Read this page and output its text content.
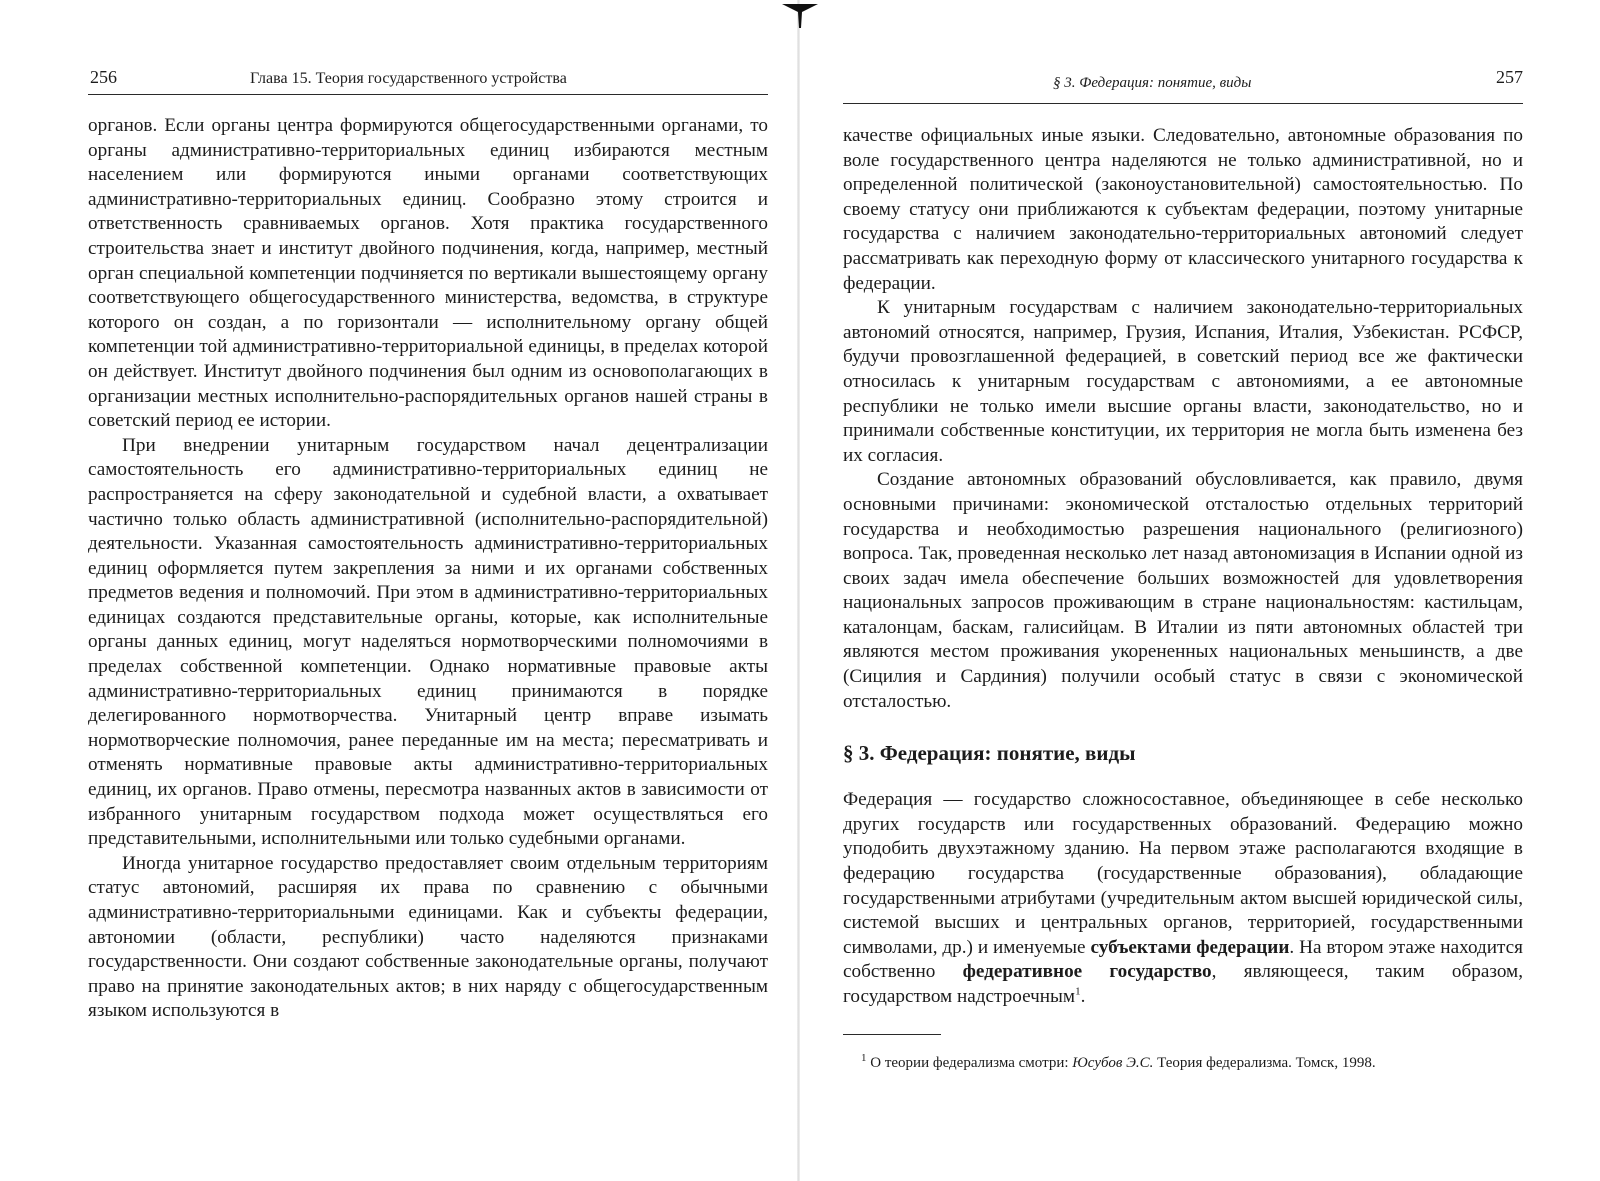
256	Глава 15. Теория государственного устройства

органов. Если органы центра формируются общегосударственными органами, то органы административно-территориальных единиц избираются местным населением или формируются иными органами соответствующих административно-территориальных единиц. Сообразно этому строится и ответственность сравниваемых органов. Хотя практика государственного строительства знает и институт двойного подчинения, когда, например, местный орган специальной компетенции подчиняется по вертикали вышестоящему органу соответствующего общегосударственного министерства, ведомства, в структуре которого он создан, а по горизонтали — исполнительному органу общей компетенции той административно-территориальной единицы, в пределах которой он действует. Институт двойного подчинения был одним из основополагающих в организации местных исполнительно-распорядительных органов нашей страны в советский период ее истории.

При внедрении унитарным государством начал децентрализации самостоятельность его административно-территориальных единиц не распространяется на сферу законодательной и судебной власти, а охватывает частично только область административной (исполнительно-распорядительной) деятельности. Указанная самостоятельность административно-территориальных единиц оформляется путем закрепления за ними и их органами собственных предметов ведения и полномочий. При этом в административно-территориальных единицах создаются представительные органы, которые, как исполнительные органы данных единиц, могут наделяться нормотворческими полномочиями в пределах собственной компетенции. Однако нормативные правовые акты административно-территориальных единиц принимаются в порядке делегированного нормотворчества. Унитарный центр вправе изымать нормотворческие полномочия, ранее переданные им на места; пересматривать и отменять нормативные правовые акты административно-территориальных единиц, их органов. Право отмены, пересмотра названных актов в зависимости от избранного унитарным государством подхода может осуществляться его представительными, исполнительными или только судебными органами.

Иногда унитарное государство предоставляет своим отдельным территориям статус автономий, расширяя их права по сравнению с обычными административно-территориальными единицами. Как и субъекты федерации, автономии (области, республики) часто наделяются признаками государственности. Они создают собственные законодательные органы, получают право на принятие законодательных актов; в них наряду с общегосударственным языком используются в

§ 3. Федерация: понятие, виды	257

качестве официальных иные языки. Следовательно, автономные образования по воле государственного центра наделяются не только административной, но и определенной политической (законоустановительной) самостоятельностью. По своему статусу они приближаются к субъектам федерации, поэтому унитарные государства с наличием законодательно-территориальных автономий следует рассматривать как переходную форму от классического унитарного государства к федерации.

К унитарным государствам с наличием законодательно-территориальных автономий относятся, например, Грузия, Испания, Италия, Узбекистан. РСФСР, будучи провозглашенной федерацией, в советский период все же фактически относилась к унитарным государствам с автономиями, а ее автономные республики не только имели высшие органы власти, законодательство, но и принимали собственные конституции, их территория не могла быть изменена без их согласия.

Создание автономных образований обусловливается, как правило, двумя основными причинами: экономической отсталостью отдельных территорий государства и необходимостью разрешения национального (религиозного) вопроса. Так, проведенная несколько лет назад автономизация в Испании одной из своих задач имела обеспечение больших возможностей для удовлетворения национальных запросов проживающим в стране национальностям: кастильцам, каталонцам, баскам, галисийцам. В Италии из пяти автономных областей три являются местом проживания укорененных национальных меньшинств, а две (Сицилия и Сардиния) получили особый статус в связи с экономической отсталостью.

§ 3. Федерация: понятие, виды

Федерация — государство сложносоставное, объединяющее в себе несколько других государств или государственных образований. Федерацию можно уподобить двухэтажному зданию. На первом этаже располагаются входящие в федерацию государства (государственные образования), обладающие государственными атрибутами (учредительным актом высшей юридической силы, системой высших и центральных органов, территорией, государственными символами, др.) и именуемые субъектами федерации. На втором этаже находится собственно федеративное государство, являющееся, таким образом, государством надстроечным$^1$.

$^1$ О теории федерализма смотри: Юсубов Э.С. Теория федерализма. Томск, 1998.
